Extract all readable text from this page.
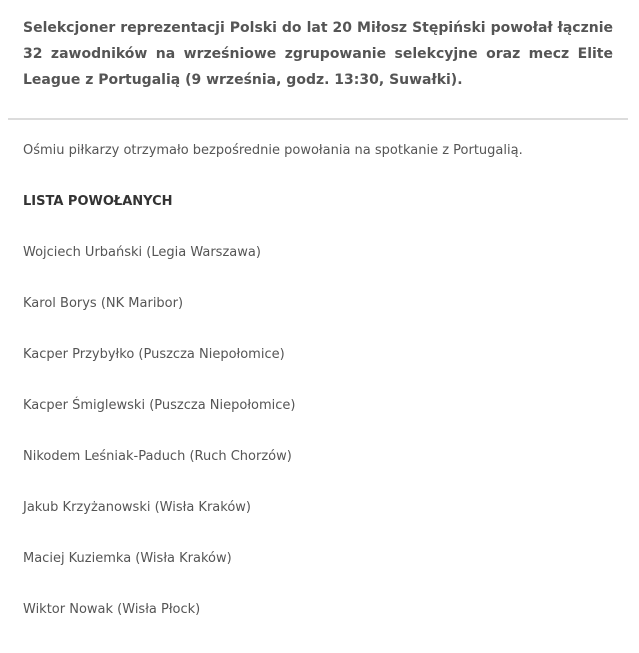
Selekcjoner reprezentacji Polski do lat 20 Miłosz Stępiński powołał łącznie 32 zawodników na wrześniowe zgrupowanie selekcyjne oraz mecz Elite League z Portugalią (9 września, godz. 13:30, Suwałki).

Ośmiu piłkarzy otrzymało bezpośrednie powołania na spotkanie z Portugalią.
LISTA POWOŁANYCH
Wojciech Urbański (Legia Warszawa)
Karol Borys (NK Maribor)
Kacper Przybyłko (Puszcza Niepołomice)
Kacper Śmiglewski (Puszcza Niepołomice)
Nikodem Leśniak-Paduch (Ruch Chorzów)
Jakub Krzyżanowski (Wisła Kraków)
Maciej Kuziemka (Wisła Kraków)
Wiktor Nowak (Wisła Płock)
